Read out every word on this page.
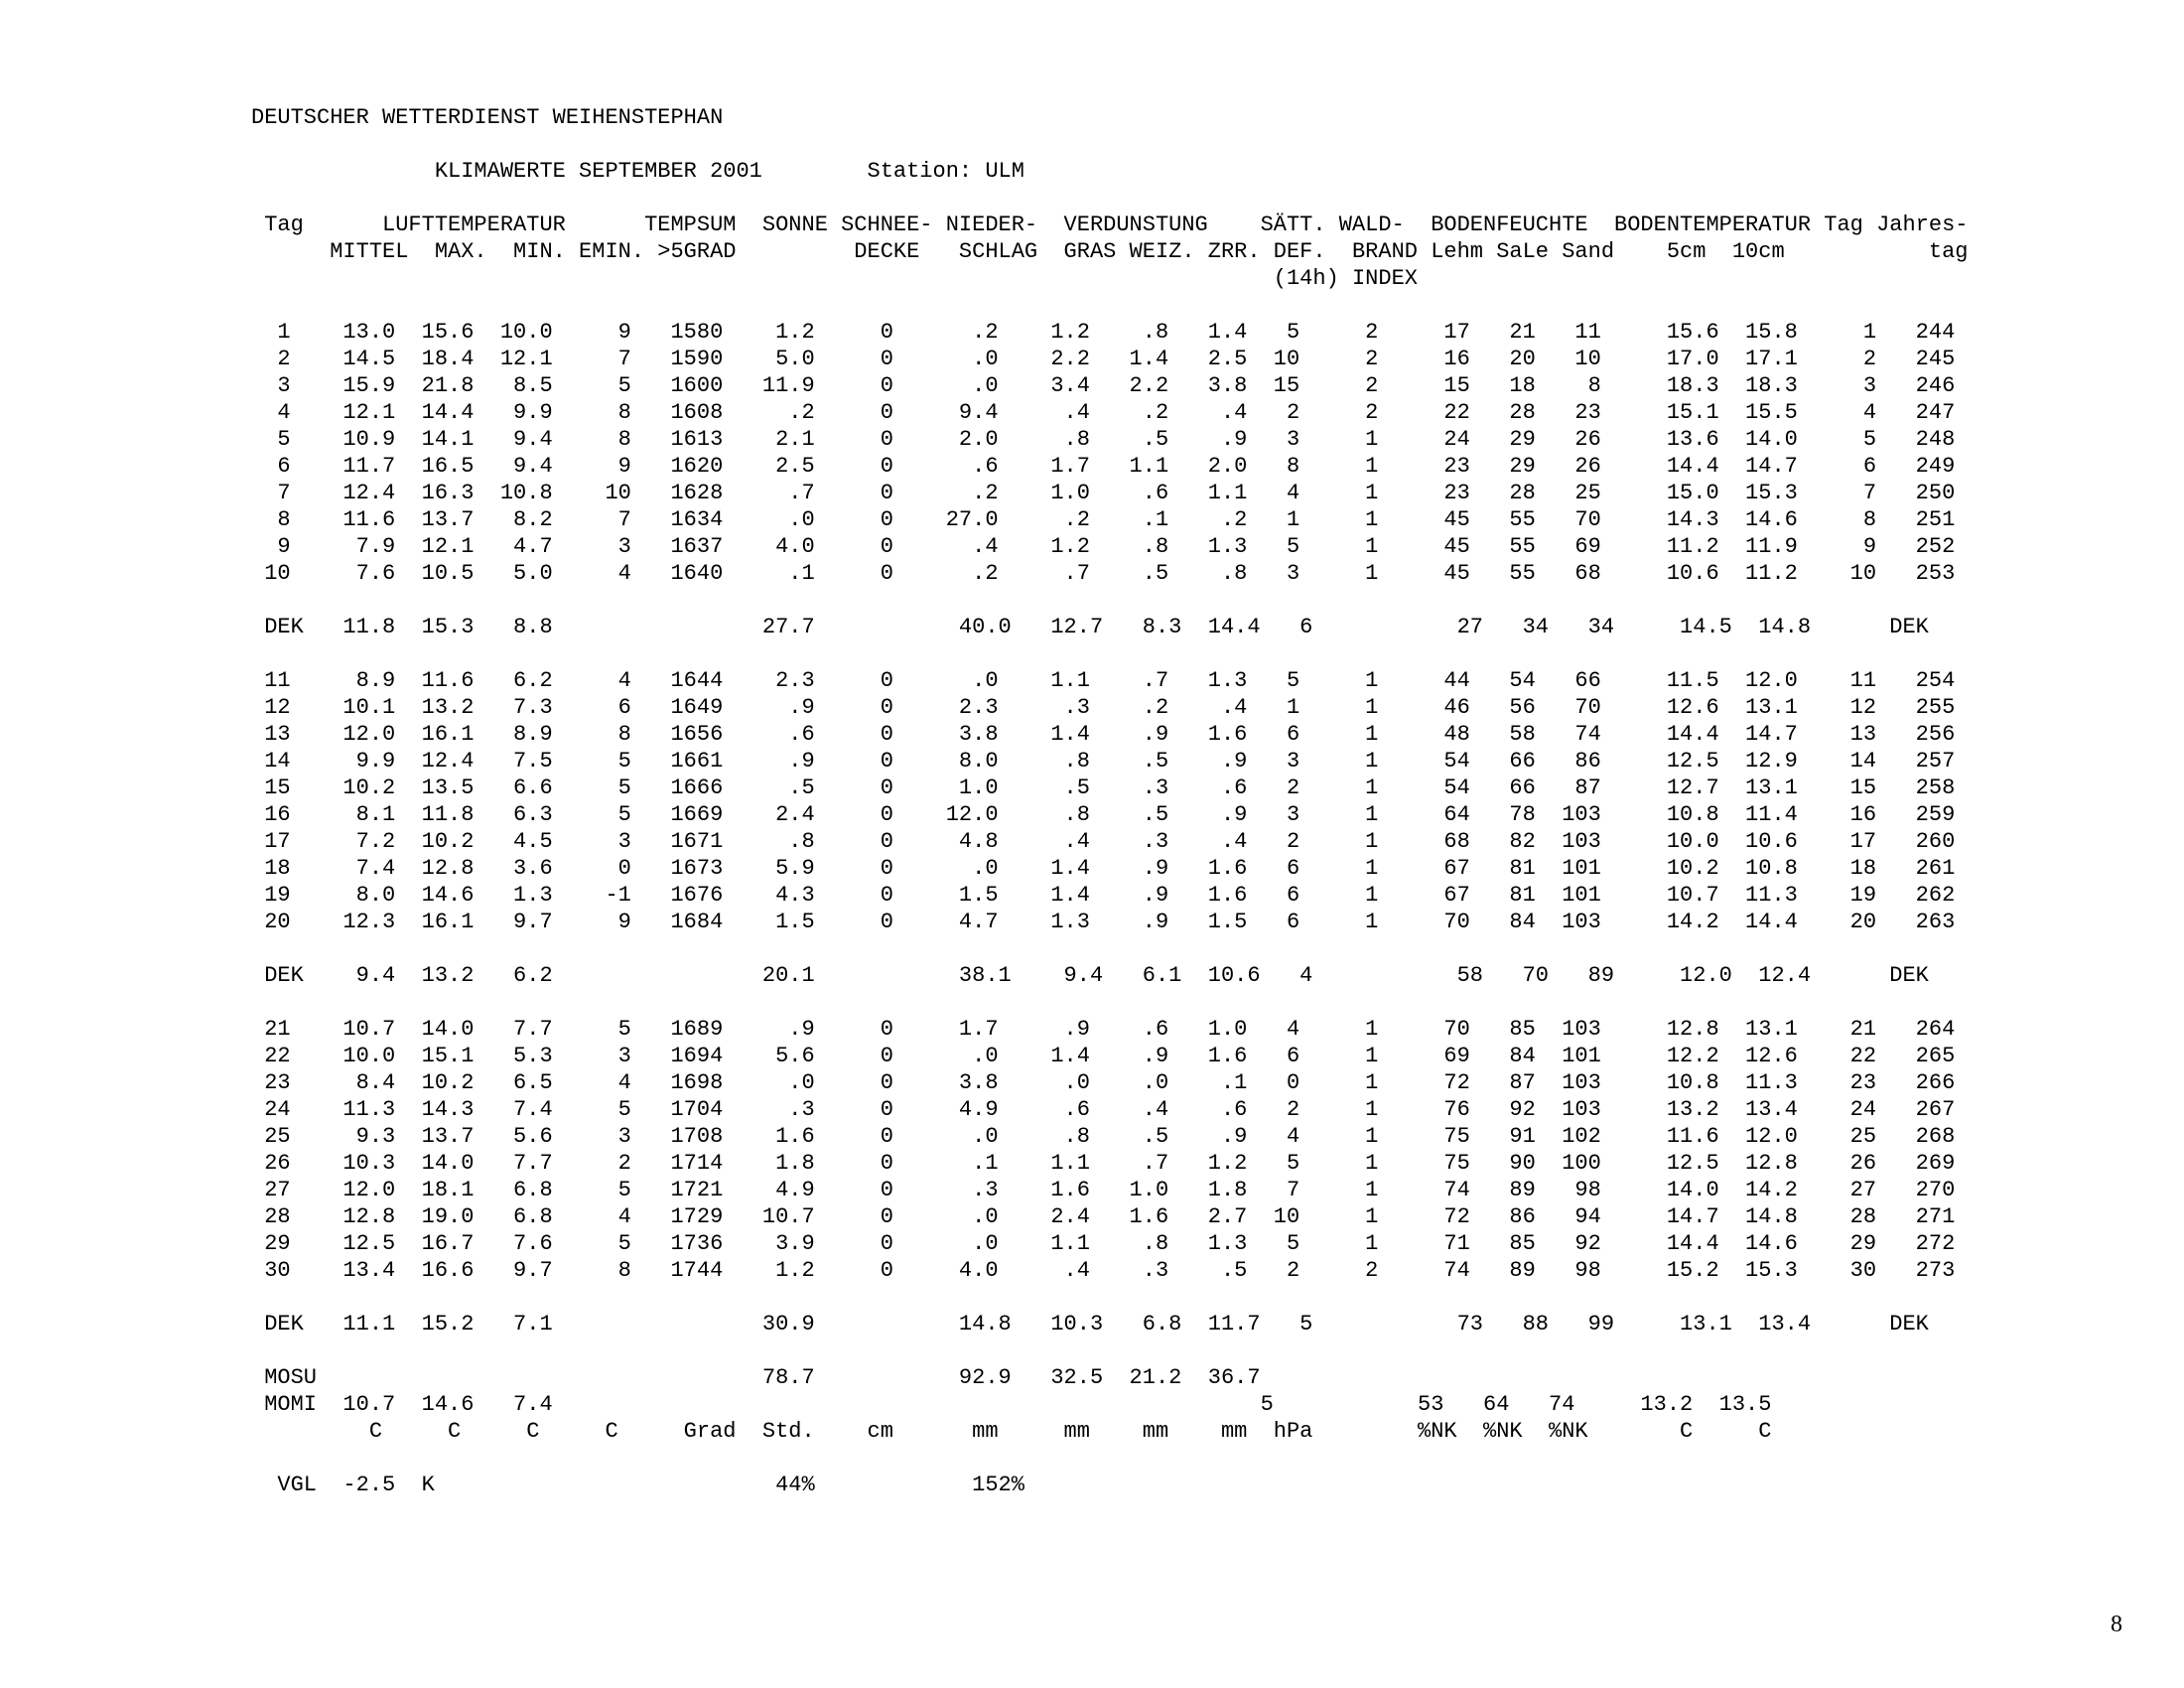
DEUTSCHER WETTERDIENST WEIHENSTEPHAN
KLIMAWERTE SEPTEMBER 2001        Station: ULM
Tag      LUFTTEMPERATUR      TEMPSUM  SONNE SCHNEE- NIEDER-  VERDUNSTUNG    SÄTT. WALD-  BODENFEUCHTE  BODENTEMPERATUR Tag Jahres-
MITTEL  MAX.  MIN. EMIN. >5GRAD         DECKE   SCHLAG  GRAS WEIZ. ZRR. DEF.  BRAND Lehm SaLe Sand    5cm  10cm           tag
(14h) INDEX
1    13.0  15.6  10.0     9   1580    1.2     0      .2    1.2    .8   1.4   5     2     17   21   11     15.6  15.8     1   244
2    14.5  18.4  12.1     7   1590    5.0     0      .0    2.2   1.4   2.5  10     2     16   20   10     17.0  17.1     2   245
3    15.9  21.8   8.5     5   1600   11.9     0      .0    3.4   2.2   3.8  15     2     15   18    8     18.3  18.3     3   246
4    12.1  14.4   9.9     8   1608     .2     0     9.4     .4    .2    .4   2     2     22   28   23     15.1  15.5     4   247
5    10.9  14.1   9.4     8   1613    2.1     0     2.0     .8    .5    .9   3     1     24   29   26     13.6  14.0     5   248
6    11.7  16.5   9.4     9   1620    2.5     0      .6    1.7   1.1   2.0   8     1     23   29   26     14.4  14.7     6   249
7    12.4  16.3  10.8    10   1628     .7     0      .2    1.0    .6   1.1   4     1     23   28   25     15.0  15.3     7   250
8    11.6  13.7   8.2     7   1634     .0     0    27.0     .2    .1    .2   1     1     45   55   70     14.3  14.6     8   251
9     7.9  12.1   4.7     3   1637    4.0     0      .4    1.2    .8   1.3   5     1     45   55   69     11.2  11.9     9   252
10     7.6  10.5   5.0     4   1640     .1     0      .2     .7    .5    .8   3     1     45   55   68     10.6  11.2    10   253
DEK   11.8  15.3   8.8                27.7           40.0   12.7   8.3  14.4   6           27   34   34     14.5  14.8      DEK
11     8.9  11.6   6.2     4   1644    2.3     0      .0    1.1    .7   1.3   5     1     44   54   66     11.5  12.0    11   254
12    10.1  13.2   7.3     6   1649     .9     0     2.3     .3    .2    .4   1     1     46   56   70     12.6  13.1    12   255
13    12.0  16.1   8.9     8   1656     .6     0     3.8    1.4    .9   1.6   6     1     48   58   74     14.4  14.7    13   256
14     9.9  12.4   7.5     5   1661     .9     0     8.0     .8    .5    .9   3     1     54   66   86     12.5  12.9    14   257
15    10.2  13.5   6.6     5   1666     .5     0     1.0     .5    .3    .6   2     1     54   66   87     12.7  13.1    15   258
16     8.1  11.8   6.3     5   1669    2.4     0    12.0     .8    .5    .9   3     1     64   78  103     10.8  11.4    16   259
17     7.2  10.2   4.5     3   1671     .8     0     4.8     .4    .3    .4   2     1     68   82  103     10.0  10.6    17   260
18     7.4  12.8   3.6     0   1673    5.9     0      .0    1.4    .9   1.6   6     1     67   81  101     10.2  10.8    18   261
19     8.0  14.6   1.3    -1   1676    4.3     0     1.5    1.4    .9   1.6   6     1     67   81  101     10.7  11.3    19   262
20    12.3  16.1   9.7     9   1684    1.5     0     4.7    1.3    .9   1.5   6     1     70   84  103     14.2  14.4    20   263
DEK    9.4  13.2   6.2                20.1           38.1    9.4   6.1  10.6   4           58   70   89     12.0  12.4      DEK
21    10.7  14.0   7.7     5   1689     .9     0     1.7     .9    .6   1.0   4     1     70   85  103     12.8  13.1    21   264
22    10.0  15.1   5.3     3   1694    5.6     0      .0    1.4    .9   1.6   6     1     69   84  101     12.2  12.6    22   265
23     8.4  10.2   6.5     4   1698     .0     0     3.8     .0    .0    .1   0     1     72   87  103     10.8  11.3    23   266
24    11.3  14.3   7.4     5   1704     .3     0     4.9     .6    .4    .6   2     1     76   92  103     13.2  13.4    24   267
25     9.3  13.7   5.6     3   1708    1.6     0      .0     .8    .5    .9   4     1     75   91  102     11.6  12.0    25   268
26    10.3  14.0   7.7     2   1714    1.8     0      .1    1.1    .7   1.2   5     1     75   90  100     12.5  12.8    26   269
27    12.0  18.1   6.8     5   1721    4.9     0      .3    1.6   1.0   1.8   7     1     74   89   98     14.0  14.2    27   270
28    12.8  19.0   6.8     4   1729   10.7     0      .0    2.4   1.6   2.7  10     1     72   86   94     14.7  14.8    28   271
29    12.5  16.7   7.6     5   1736    3.9     0      .0    1.1    .8   1.3   5     1     71   85   92     14.4  14.6    29   272
30    13.4  16.6   9.7     8   1744    1.2     0     4.0     .4    .3    .5   2     2     74   89   98     15.2  15.3    30   273
DEK   11.1  15.2   7.1                30.9           14.8   10.3   6.8  11.7   5           73   88   99     13.1  13.4      DEK
MOSU                                  78.7           92.9   32.5  21.2  36.7
MOMI  10.7  14.6   7.4                                                      5           53   64   74     13.2  13.5
C     C     C     C     Grad  Std.    cm      mm     mm    mm    mm  hPa        %NK  %NK  %NK       C     C
VGL  -2.5  K                          44%            152%
8
